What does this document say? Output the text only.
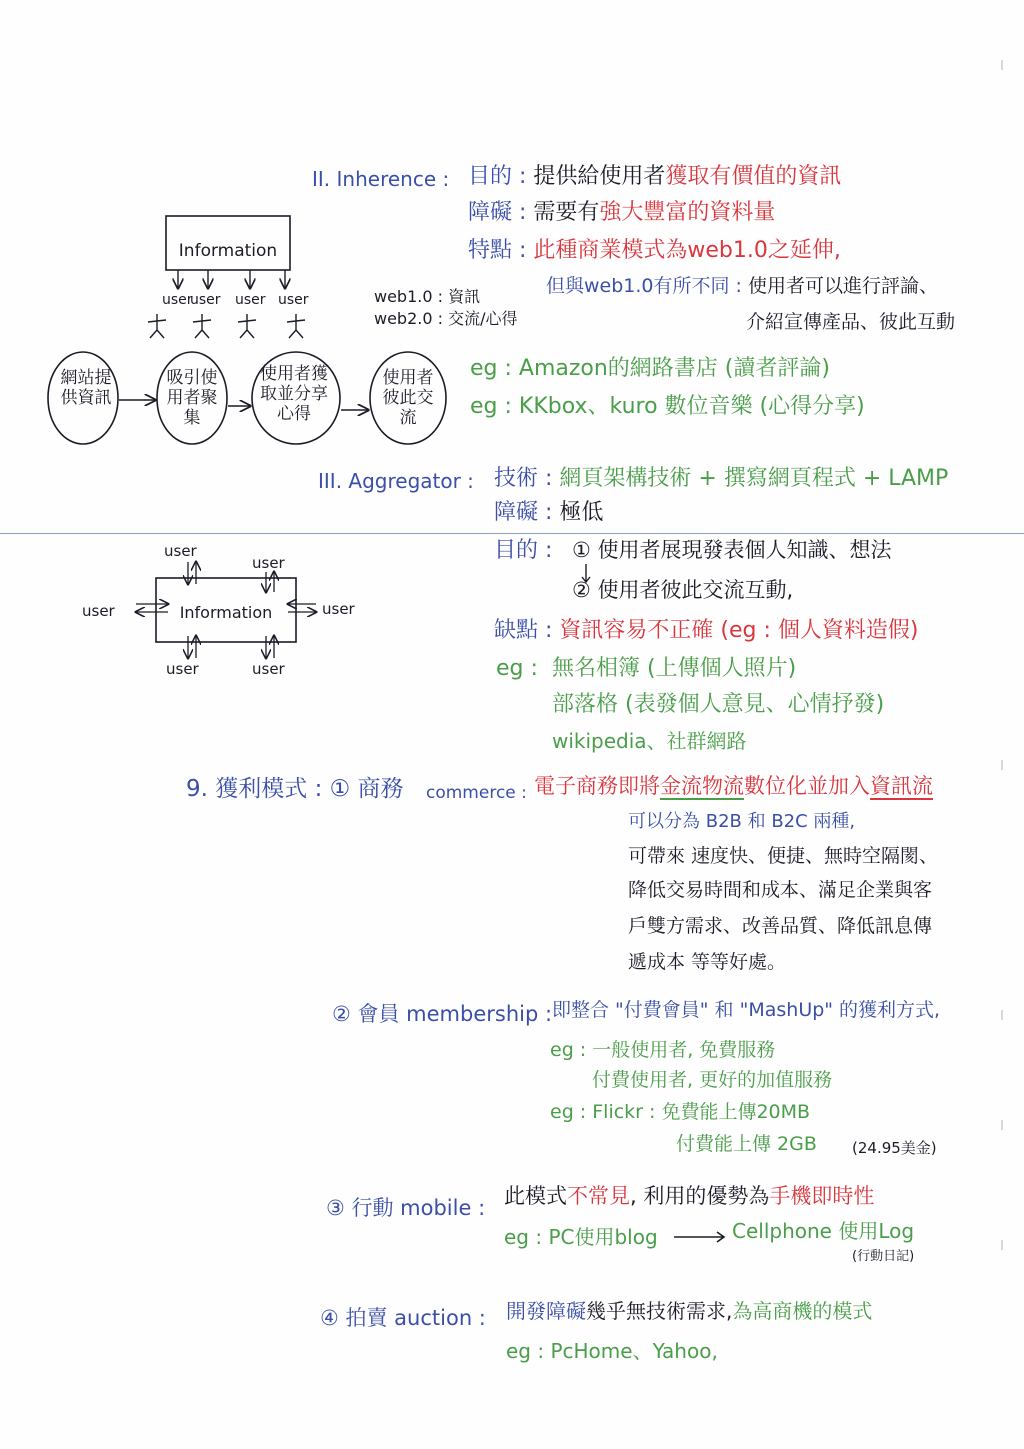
II. Inherence : 目的 : 提供給使用者獲取有價值的資訊
障礙 : 需要有強大豐富的資料量
特點 : 此種商業模式為web1.0之延伸,
但與web1.0有所不同 : 使用者可以進行評論、
介紹宣傳產品、彼此互動
eg : Amazon的網路書店 (讀者評論)
eg : KKbox、kuro 數位音樂 (心得分享)
web1.0 : 資訊
web2.0 : 交流/心得
Information
user
user user user
網站提供資訊
吸引使用者聚集
使用者獲取並分享心得
使用者彼此交流
III. Aggregator : 技術 : 網頁架構技術 + 撰寫網頁程式 + LAMP
障礙 : 極低
目的 : ① 使用者展現發表個人知識、想法
② 使用者彼此交流互動,
缺點 : 資訊容易不正確 (eg : 個人資料造假)
eg : 無名相簿 (上傳個人照片)
部落格 (表發個人意見、心情抒發)
wikipedia、社群網路
Information
user
user
user	user
user	user
9. 獲利模式 : ① 商務 commerce : 電子商務即將金流物流數位化並加入資訊流
可以分為 B2B 和 B2C 兩種,
可帶來 速度快、便捷、無時空隔閡、
降低交易時間和成本、滿足企業與客
戶雙方需求、改善品質、降低訊息傳
遞成本 等等好處。
② 會員 membership : 即整合 "付費會員" 和 "MashUp" 的獲利方式,
eg : 一般使用者, 免費服務
付費使用者, 更好的加值服務
eg : Flickr : 免費能上傳20MB
付費能上傳 2GB (24.95美金)
③ 行動 mobile : 此模式不常見, 利用的優勢為手機即時性
eg : PC使用blog	Cellphone 使用Log
(行動日記)
④ 拍賣 auction : 開發障礙幾乎無技術需求,為高商機的模式
eg : PcHome、Yahoo,
